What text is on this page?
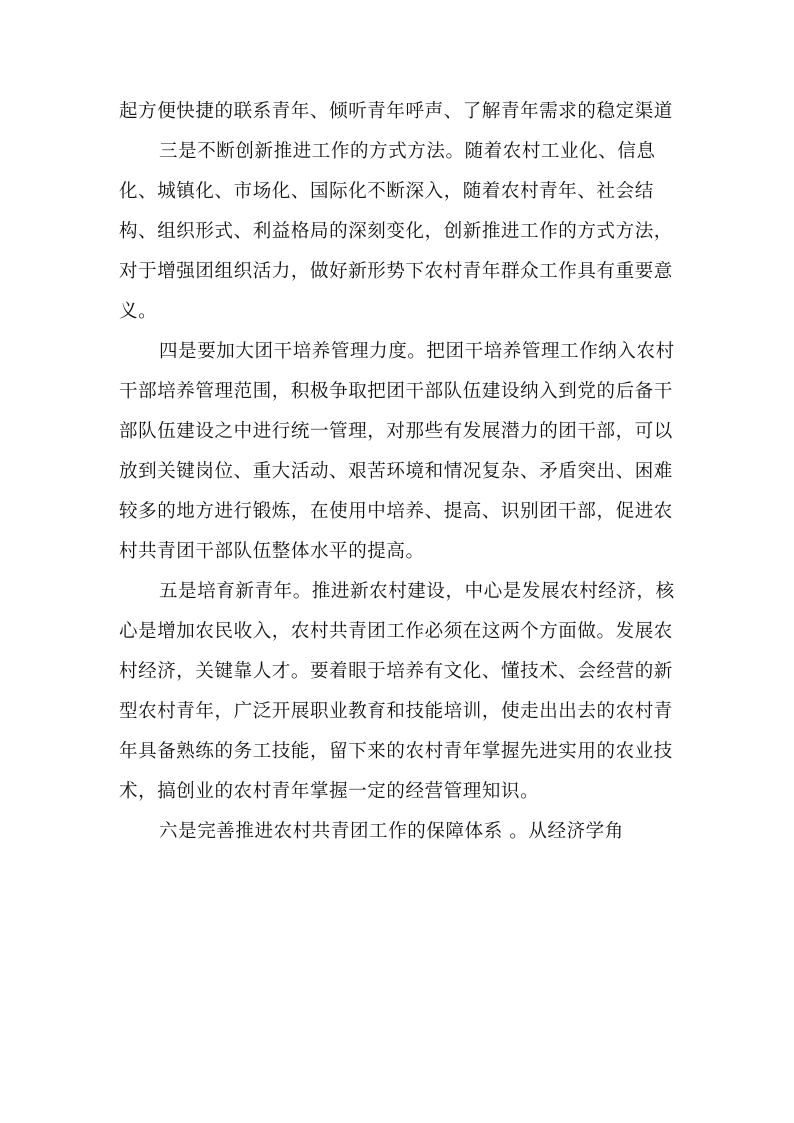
起方便快捷的联系青年、倾听青年呼声、了解青年需求的稳定渠道

三是不断创新推进工作的方式方法。随着农村工业化、信息化、城镇化、市场化、国际化不断深入，随着农村青年、社会结构、组织形式、利益格局的深刻变化，创新推进工作的方式方法，对于增强团组织活力，做好新形势下农村青年群众工作具有重要意义。

四是要加大团干培养管理力度。把团干培养管理工作纳入农村干部培养管理范围，积极争取把团干部队伍建设纳入到党的后备干部队伍建设之中进行统一管理，对那些有发展潜力的团干部，可以放到关键岗位、重大活动、艰苦环境和情况复杂、矛盾突出、困难较多的地方进行锻炼，在使用中培养、提高、识别团干部，促进农村共青团干部队伍整体水平的提高。

五是培育新青年。推进新农村建设，中心是发展农村经济，核心是增加农民收入，农村共青团工作必须在这两个方面做。发展农村经济，关键靠人才。要着眼于培养有文化、懂技术、会经营的新型农村青年，广泛开展职业教育和技能培训，使走出出去的农村青年具备熟练的务工技能，留下来的农村青年掌握先进实用的农业技术，搞创业的农村青年掌握一定的经营管理知识。

六是完善推进农村共青团工作的保障体系 。从经济学角
